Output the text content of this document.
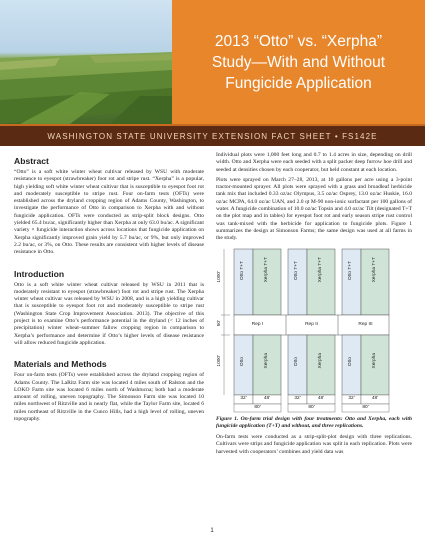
2013 “Otto” vs. “Xerpha”
Study—With and Without
Fungicide Application
WASHINGTON STATE UNIVERSITY EXTENSION FACT SHEET • FS142E
Abstract

“Otto” is a soft white winter wheat cultivar released by WSU with moderate resistance to eyespot (strawbreaker) foot rot and stripe rust. “Xerpha” is a popular, high yielding soft white winter wheat cultivar that is susceptible to eyespot foot rot and moderately susceptible to stripe rust. Four on-farm tests (OFTs) were established across the dryland cropping region of Adams County, Washington, to investigate the performance of Otto in comparison to Xerpha with and without fungicide application. OFTs were conducted as strip-split block designs. Otto yielded 65.4 bu/ac, significantly higher than Xerpha at only 63.0 bu/ac. A significant variety × fungicide interaction shows across locations that fungicide application on Xerpha significantly improved grain yield by 5.7 bu/ac, or 9%, but only improved 2.2 bu/ac, or 3%, on Otto. These results are consistent with higher levels of disease resistance in Otto.

Introduction

Otto is a soft white winter wheat cultivar released by WSU in 2011 that is moderately resistant to eyespot (strawbreaker) foot rot and stripe rust. The Xerpha winter wheat cultivar was released by WSU in 2008, and is a high yielding cultivar that is susceptible to eyespot foot rot and moderately susceptible to stripe rust (Washington State Crop Improvement Association. 2013). The objective of this project is to examine Otto’s performance potential in the dryland (< 12 inches of precipitation) winter wheat–summer fallow cropping region in comparison to Xerpha’s performance and determine if Otto’s higher levels of disease resistance will allow reduced fungicide application.

Materials and Methods

Four on-farm tests (OFTs) were established across the dryland cropping region of Adams County. The LaRitz Farm site was located 4 miles south of Ralston and the LOKO Farm site was located 6 miles north of Washtucna; both had a moderate amount of rolling, uneven topography. The Simonson Farm site was located 10 miles northwest of Ritzville and is nearly flat, while the Taylor Farm site, located 6 miles northeast of Ritzville in the Cunco Hills, had a high level of rolling, uneven topography.

Individual plots were 1,000 feet long and 0.7 to 1.4 acres in size, depending on drill width. Otto and Xerpha were each seeded with a split packer deep furrow hoe drill and seeded at densities chosen by each cooperator, but held constant at each location.

Plots were sprayed on March 27–28, 2013, at 10 gallons per acre using a 3-point tractor-mounted sprayer. All plots were sprayed with a grass and broadleaf herbicide tank mix that included 0.33 oz/ac Olympus, 3.5 oz/ac Osprey, 13.0 oz/ac Huskie, 16.0 oz/ac MCPA, 64.0 oz/ac UAN, and 2.0 qt M-90 non-ionic surfactant per 100 gallons of water. A fungicide combination of 10.0 oz/ac Topsin and 4.0 oz/ac Tilt (designated T+T on the plot map and in tables) for eyespot foot rot and early season stripe rust control was tank-mixed with the herbicide for application to fungicide plots. Figure 1 summarizes the design at Simonson Farms; the same design was used at all farms in the study.

1000'
50'
1000'
Otto T+T	Xerpha T+T	Otto T+T	Xerpha T+T	Otto T+T	Xerpha T+T
Rep I	Rep II	Rep III
Otto	Xerpha	Otto	Xerpha	Otto	Xerpha
32'	48'	32'	48'	32'	48'
80'	80'	80'

Figure 1. On-farm trial design with four treatments: Otto and Xerpha, each with fungicide application (T+T) and without, and three replications.

On-farm tests were conducted as a strip-split-plot design with three replications. Cultivars were strips and fungicide application was split in each replication. Plots were harvested with cooperators’ combines and yield data was

1
